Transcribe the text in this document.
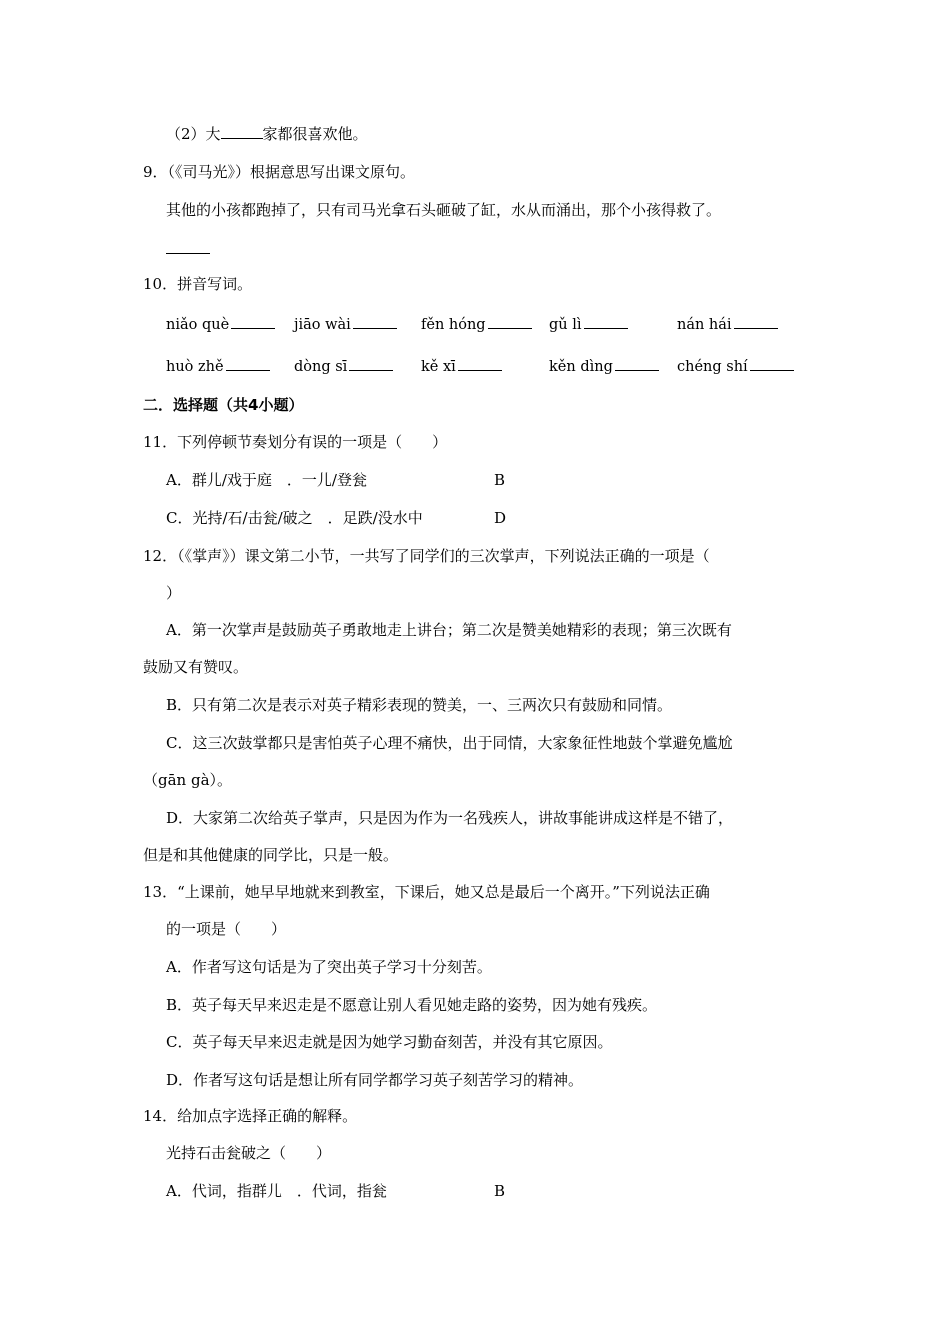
（2）大	家都很喜欢他。
9．（《司马光》）根据意思写出课文原句。
其他的小孩都跑掉了，只有司马光拿石头砸破了缸，水从而涌出，那个小孩得救了。
10．拼音写词。
niǎo què	jiāo wài	fěn hóng	gǔ lì	nán hái
huò zhě	dòng sī	kě xī	kěn dìng	chéng shí
二．选择题（共4小题）
11．下列停顿节奏划分有误的一项是（　　）
A．群儿/戏于庭　．一儿/登瓮	B
C．光持/石/击瓮/破之　．足跌/没水中	D
12．（《掌声》）课文第二小节，一共写了同学们的三次掌声，下列说法正确的一项是（
）
A．第一次掌声是鼓励英子勇敢地走上讲台；第二次是赞美她精彩的表现；第三次既有
鼓励又有赞叹。
B．只有第二次是表示对英子精彩表现的赞美，一、三两次只有鼓励和同情。
C．这三次鼓掌都只是害怕英子心理不痛快，出于同情，大家象征性地鼓个掌避免尴尬
（gān gà）。
D．大家第二次给英子掌声，只是因为作为一名残疾人，讲故事能讲成这样是不错了，
但是和其他健康的同学比，只是一般。
13．“上课前，她早早地就来到教室，下课后，她又总是最后一个离开。”下列说法正确
的一项是（　　）
A．作者写这句话是为了突出英子学习十分刻苦。
B．英子每天早来迟走是不愿意让别人看见她走路的姿势，因为她有残疾。
C．英子每天早来迟走就是因为她学习勤奋刻苦，并没有其它原因。
D．作者写这句话是想让所有同学都学习英子刻苦学习的精神。
14．给加点字选择正确的解释。
光持石击瓮破之（　　）
A．代词，指群儿　．代词，指瓮	B
